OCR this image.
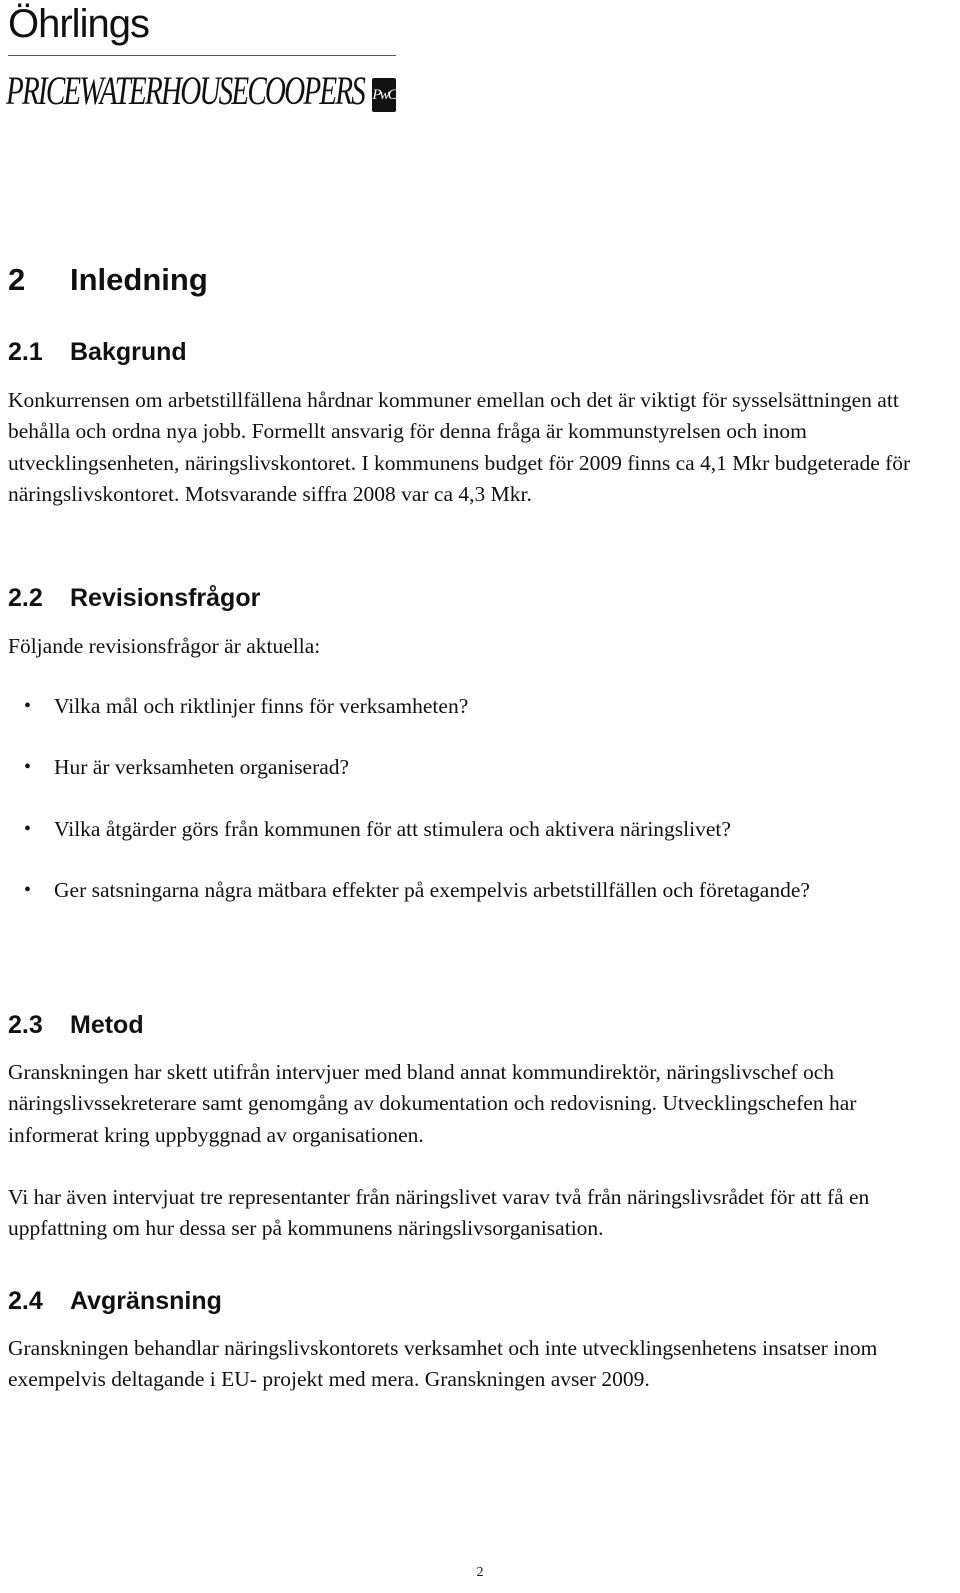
Öhrlings
PRICEWATERHOUSECOOPERS PwC
2 Inledning
2.1 Bakgrund

Konkurrensen om arbetstillfällena hårdnar kommuner emellan och det är viktigt för sysselsättningen att behålla och ordna nya jobb. Formellt ansvarig för denna fråga är kommunstyrelsen och inom utvecklingsenheten, näringslivskontoret. I kommunens budget för 2009 finns ca 4,1 Mkr budgeterade för näringslivskontoret. Motsvarande siffra 2008 var ca 4,3 Mkr.

2.2 Revisionsfrågor

Följande revisionsfrågor är aktuella:

• Vilka mål och riktlinjer finns för verksamheten?
• Hur är verksamheten organiserad?
• Vilka åtgärder görs från kommunen för att stimulera och aktivera näringslivet?
• Ger satsningarna några mätbara effekter på exempelvis arbetstillfällen och företagande?
2.3 Metod

Granskningen har skett utifrån intervjuer med bland annat kommundirektör, näringslivschef och näringslivssekreterare samt genomgång av dokumentation och redovisning. Utvecklingschefen har informerat kring uppbyggnad av organisationen.

Vi har även intervjuat tre representanter från näringslivet varav två från näringslivsrådet för att få en uppfattning om hur dessa ser på kommunens näringslivsorganisation.

2.4 Avgränsning

Granskningen behandlar näringslivskontorets verksamhet och inte utvecklingsenhetens insatser inom exempelvis deltagande i EU- projekt med mera. Granskningen avser 2009.

2
